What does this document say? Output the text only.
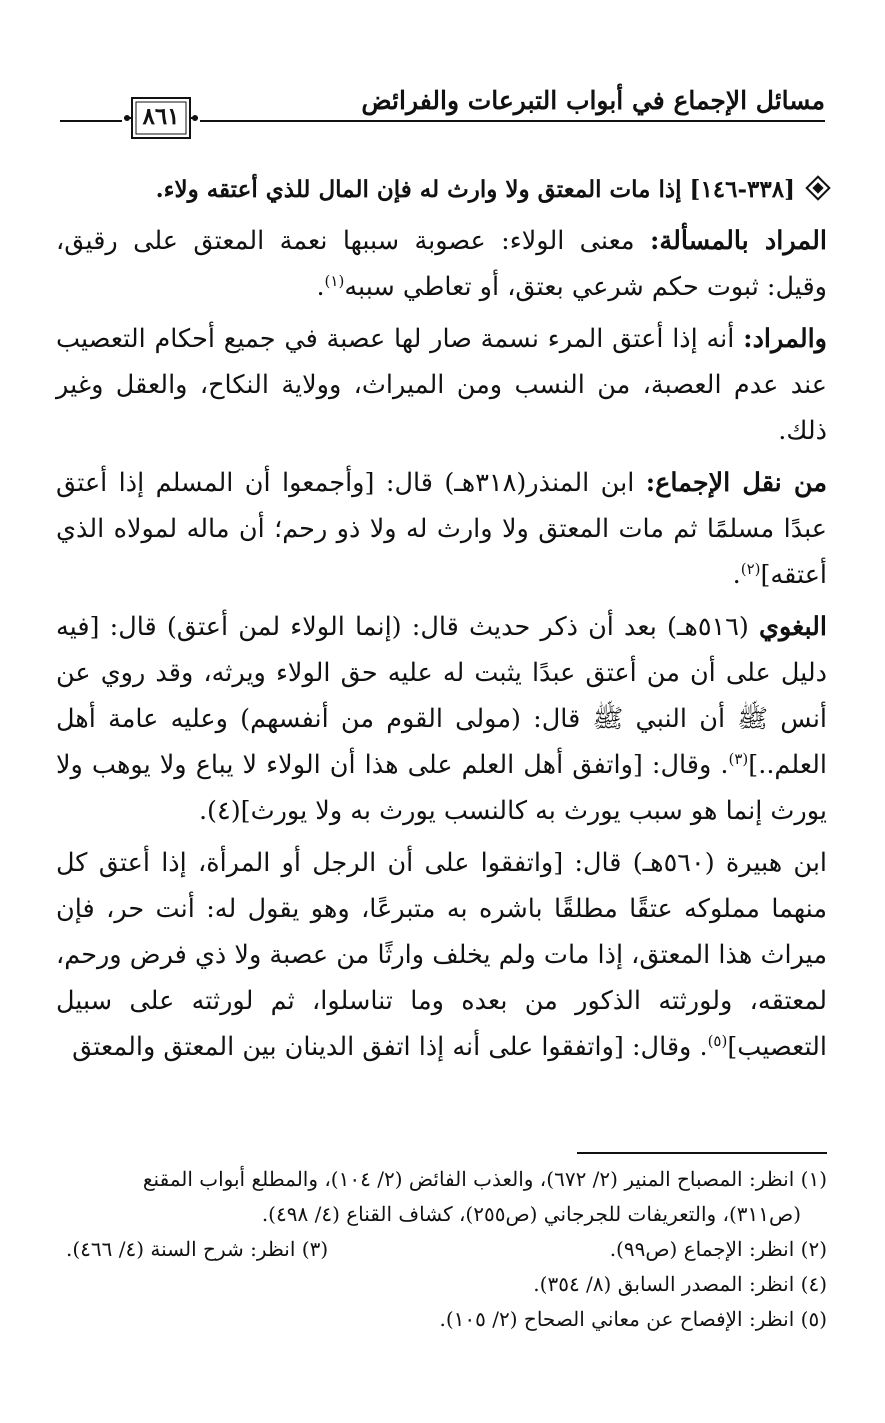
مسائل الإجماع في أبواب التبرعات والفرائض
٨٦١

[٣٣٨-١٤٦] إذا مات المعتق ولا وارث له فإن المال للذي أعتقه ولاء.

المراد بالمسألة: معنى الولاء: عصوبة سببها نعمة المعتق على رقيق، وقيل: ثبوت حكم شرعي بعتق، أو تعاطي سببه$^{(١)}$.

والمراد: أنه إذا أعتق المرء نسمة صار لها عصبة في جميع أحكام التعصيب عند عدم العصبة، من النسب ومن الميراث، وولاية النكاح، والعقل وغير ذلك.

من نقل الإجماع: ابن المنذر(٣١٨هـ) قال: [وأجمعوا أن المسلم إذا أعتق عبدًا مسلمًا ثم مات المعتق ولا وارث له ولا ذو رحم؛ أن ماله لمولاه الذي أعتقه]$^{(٢)}$.

البغوي (٥١٦هـ) بعد أن ذكر حديث قال: (إنما الولاء لمن أعتق) قال: [فيه دليل على أن من أعتق عبدًا يثبت له عليه حق الولاء ويرثه، وقد روي عن أنس ﷺ أن النبي ﷺ قال: (مولى القوم من أنفسهم) وعليه عامة أهل العلم..]$^{(٣)}$. وقال: [واتفق أهل العلم على هذا أن الولاء لا يباع ولا يوهب ولا يورث إنما هو سبب يورث به كالنسب يورث به ولا يورث](٤).

ابن هبيرة (٥٦٠هـ) قال: [واتفقوا على أن الرجل أو المرأة، إذا أعتق كل منهما مملوكه عتقًا مطلقًا باشره به متبرعًا، وهو يقول له: أنت حر، فإن ميراث هذا المعتق، إذا مات ولم يخلف وارثًا من عصبة ولا ذي فرض ورحم، لمعتقه، ولورثته الذكور من بعده وما تناسلوا، ثم لورثته على سبيل التعصيب]$^{(٥)}$. وقال: [واتفقوا على أنه إذا اتفق الدينان بين المعتق والمعتق

(١) انظر: المصباح المنير (٢/ ٦٧٢)، والعذب الفائض (٢/ ١٠٤)، والمطلع أبواب المقنع

(ص٣١١)، والتعريفات للجرجاني (ص٢٥٥)، كشاف القناع (٤/ ٤٩٨).

(٢) انظر: الإجماع (ص٩٩).

(٣) انظر: شرح السنة (٤/ ٤٦٦).

(٤) انظر: المصدر السابق (٨/ ٣٥٤).

(٥) انظر: الإفصاح عن معاني الصحاح (٢/ ١٠٥).
